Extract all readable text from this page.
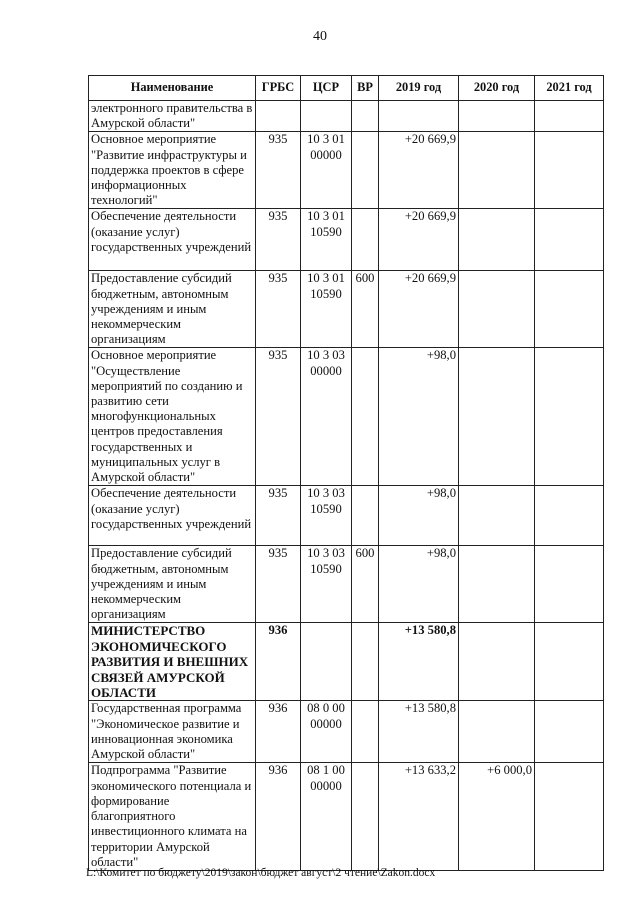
40
Наименование	ГРБС	ЦСР	ВР	2019 год	2020 год	2021 год
электронного правительства в Амурской области"						
Основное мероприятие "Развитие инфраструктуры и поддержка проектов в сфере информационных технологий"	935	10 3 01 00000		+20 669,9		
Обеспечение деятельности (оказание услуг) государственных учреждений	935	10 3 01 10590		+20 669,9		
Предоставление субсидий бюджетным, автономным учреждениям и иным некоммерческим организациям	935	10 3 01 10590	600	+20 669,9		
Основное мероприятие "Осуществление мероприятий по созданию и развитию сети многофункциональных центров предоставления государственных и муниципальных услуг в Амурской области"	935	10 3 03 00000		+98,0		
Обеспечение деятельности (оказание услуг) государственных учреждений	935	10 3 03 10590		+98,0		
Предоставление субсидий бюджетным, автономным учреждениям и иным некоммерческим организациям	935	10 3 03 10590	600	+98,0		
МИНИСТЕРСТВО ЭКОНОМИЧЕСКОГО РАЗВИТИЯ И ВНЕШНИХ СВЯЗЕЙ АМУРСКОЙ ОБЛАСТИ	936			+13 580,8		
Государственная программа "Экономическое развитие и инновационная экономика Амурской области"	936	08 0 00 00000		+13 580,8		
Подпрограмма "Развитие экономического потенциала и формирование благоприятного инвестиционного климата на территории Амурской области"	936	08 1 00 00000		+13 633,2	+6 000,0	
L:\Комитет по бюджету\2019\закон\бюджет август\2 чтение\Zakon.docx
